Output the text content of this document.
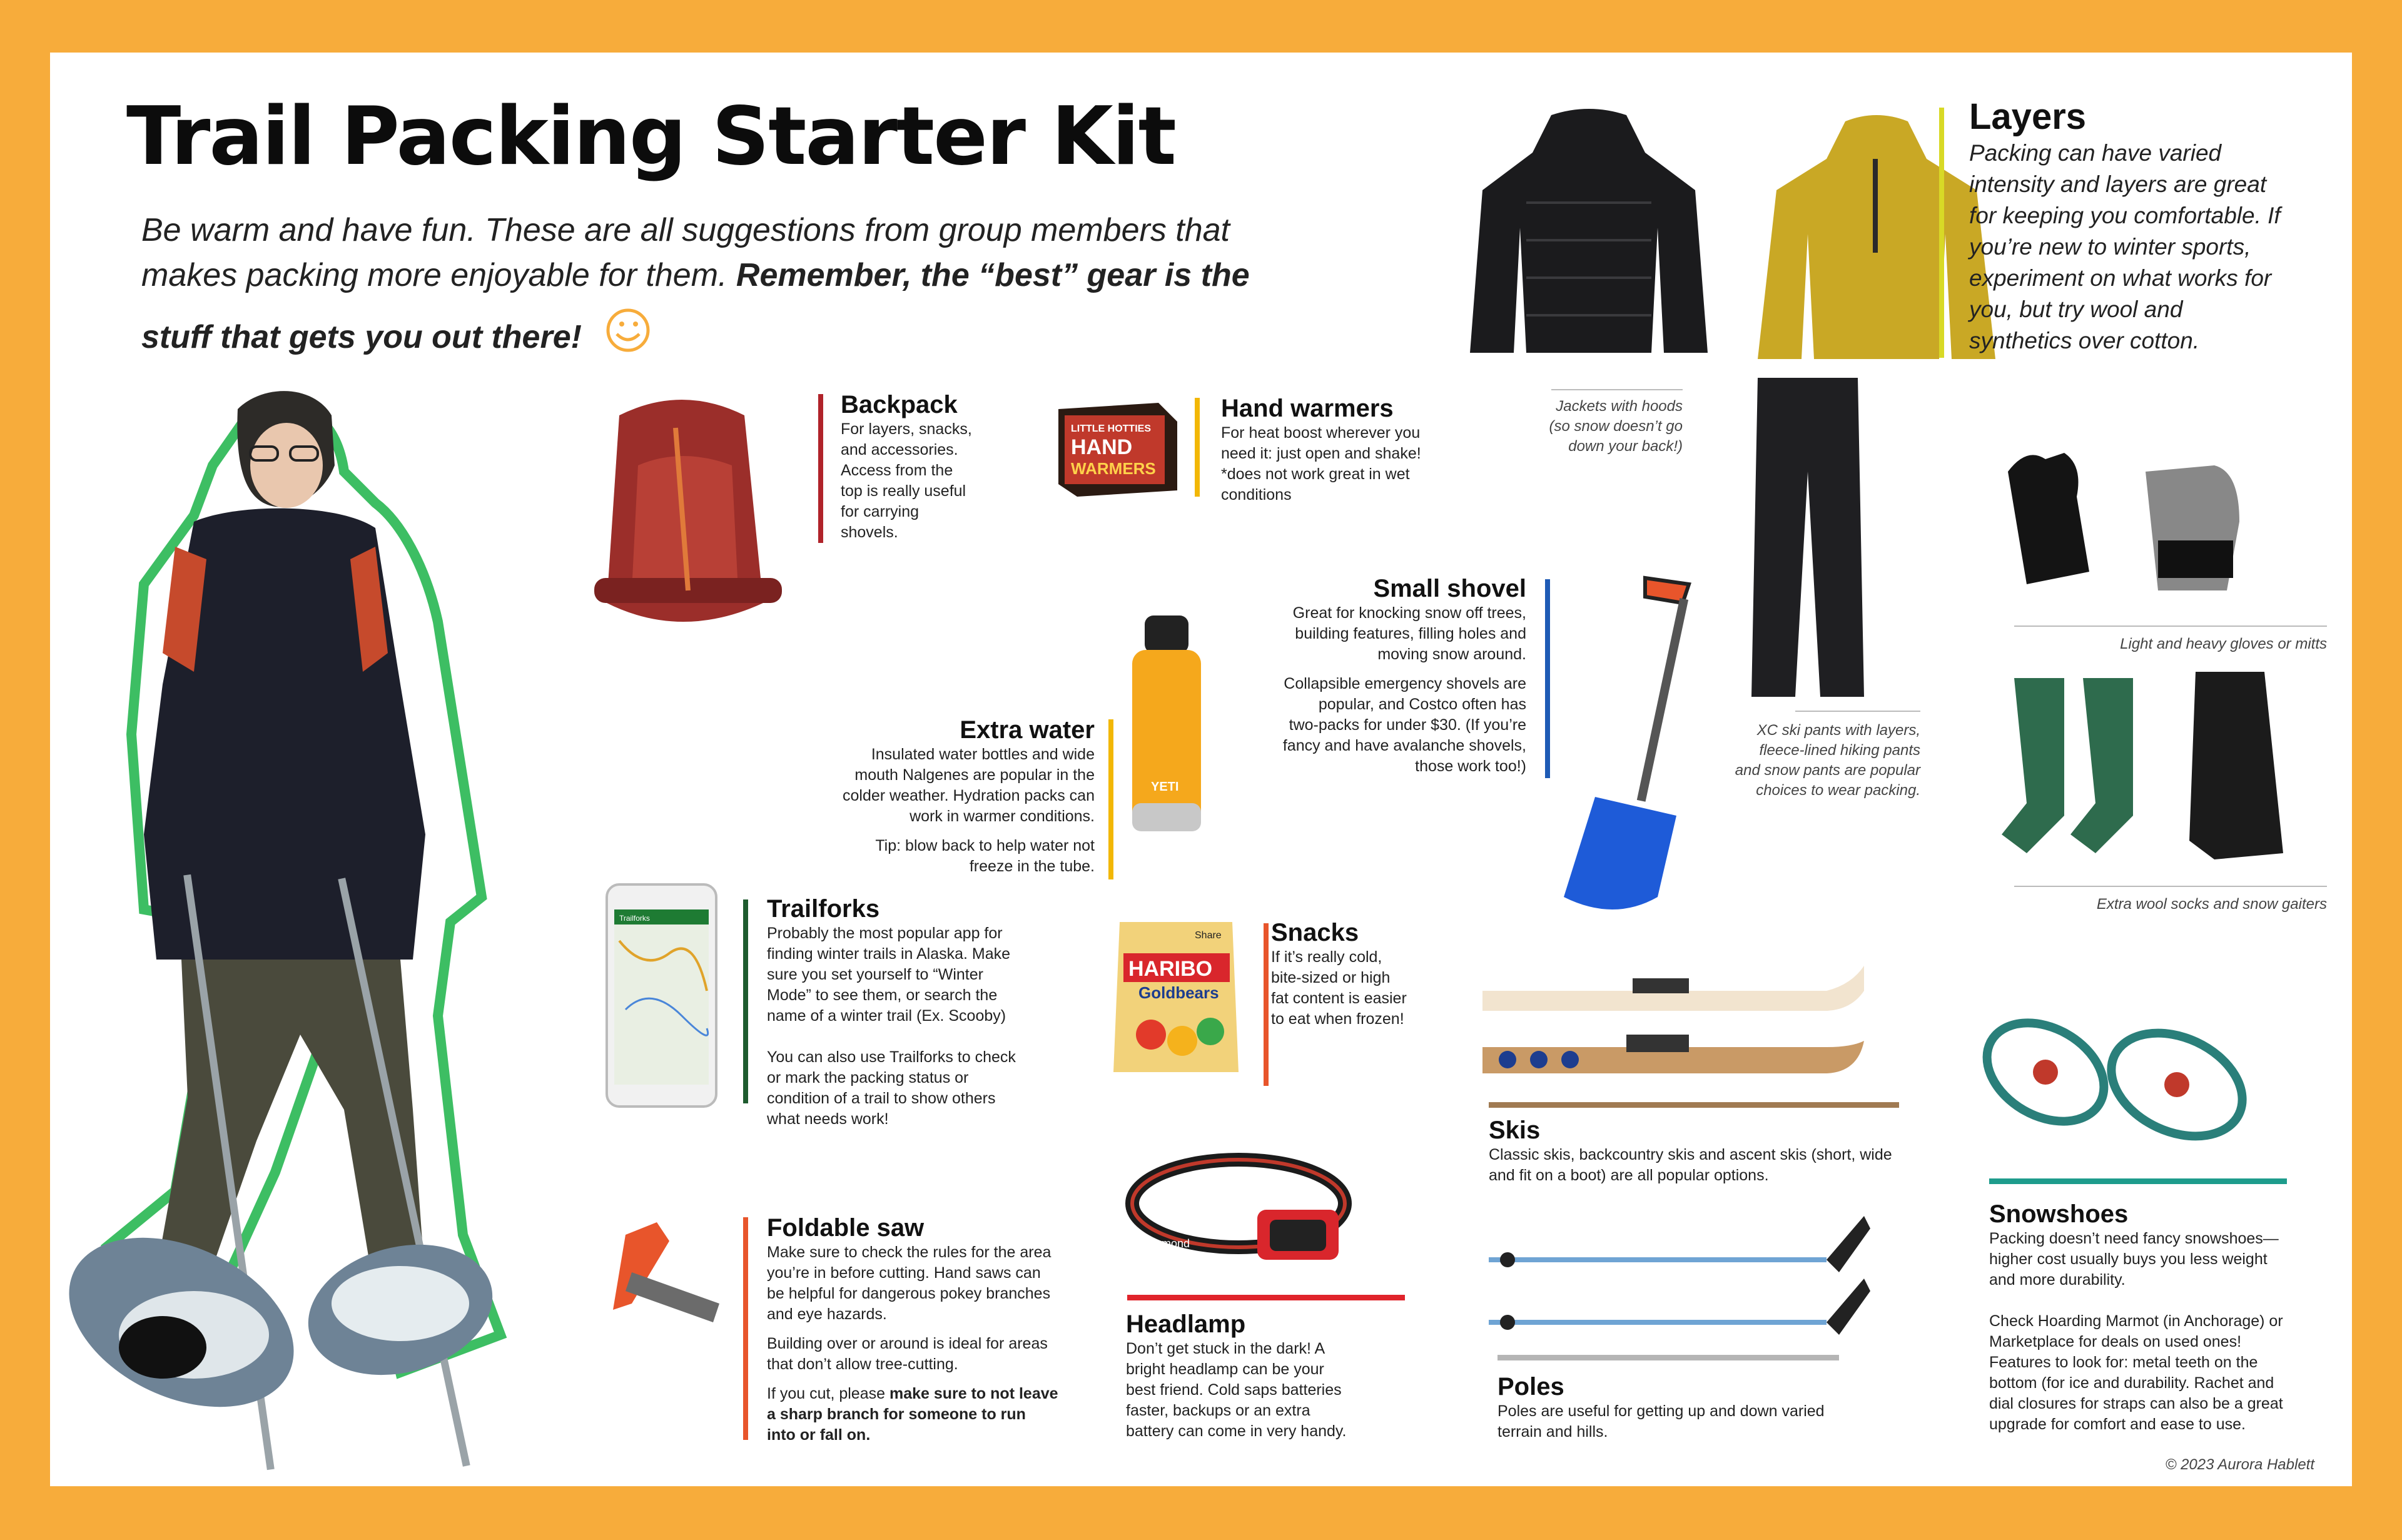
Trail Packing Starter Kit
Be warm and have fun. These are all suggestions from group members that
makes packing more enjoyable for them. Remember, the “best” gear is the
stuff that gets you out there!
Backpack
For layers, snacks,
and accessories.
Access from the
top is really useful
for carrying
shovels.
LITTLE HOTTIES
HAND
WARMERS
Hand warmers
For heat boost wherever you
need it: just open and shake!
*does not work great in wet
conditions
Jackets with hoods
(so snow doesn’t go
down your back!)
XC ski pants with layers,
fleece-lined hiking pants
and snow pants are popular
choices to wear packing.
Layers
Packing can have varied
intensity and layers are great
for keeping you comfortable. If
you’re new to winter sports,
experiment on what works for
you, but try wool and
synthetics over cotton.
Light and heavy gloves or mitts
Extra wool socks and snow gaiters
Small shovel

Great for knocking snow off trees,
building features, filling holes and
moving snow around.

Collapsible emergency shovels are
popular, and Costco often has
two-packs for under $30. (If you’re
fancy and have avalanche shovels,
those work too!)

Extra water

Insulated water bottles and wide
mouth Nalgenes are popular in the
colder weather. Hydration packs can
work in warmer conditions.

Tip: blow back to help water not
freeze in the tube.

YETI
Trailforks	Trailforks

Probably the most popular app for
finding winter trails in Alaska. Make
sure you set yourself to “Winter
Mode” to see them, or search the
name of a winter trail (Ex. Scooby)

You can also use Trailforks to check
or mark the packing status or
condition of a trail to show others
what needs work!

Share
HARIBO
Goldbears
Snacks
If it’s really cold,
bite-sized or high
fat content is easier
to eat when frozen!
Skis
Classic skis, backcountry skis and ascent skis (short, wide
and fit on a boot) are all popular options.
Snowshoes

Packing doesn’t need fancy snowshoes—
higher cost usually buys you less weight
and more durability.

Check Hoarding Marmot (in Anchorage) or
Marketplace for deals on used ones!
Features to look for: metal teeth on the
bottom (for ice and durability. Rachet and
dial closures for straps can also be a great
upgrade for comfort and ease to use.

Foldable saw

Make sure to check the rules for the area
you’re in before cutting. Hand saws can
be helpful for dangerous pokey branches
and eye hazards.

Building over or around is ideal for areas
that don’t allow tree-cutting.

If you cut, please make sure to not leave
a sharp branch for someone to run
into or fall on.

Diamond
Headlamp
Don’t get stuck in the dark! A
bright headlamp can be your
best friend. Cold saps batteries
faster, backups or an extra
battery can come in very handy.
Poles
Poles are useful for getting up and down varied
terrain and hills.
© 2023 Aurora Hablett
